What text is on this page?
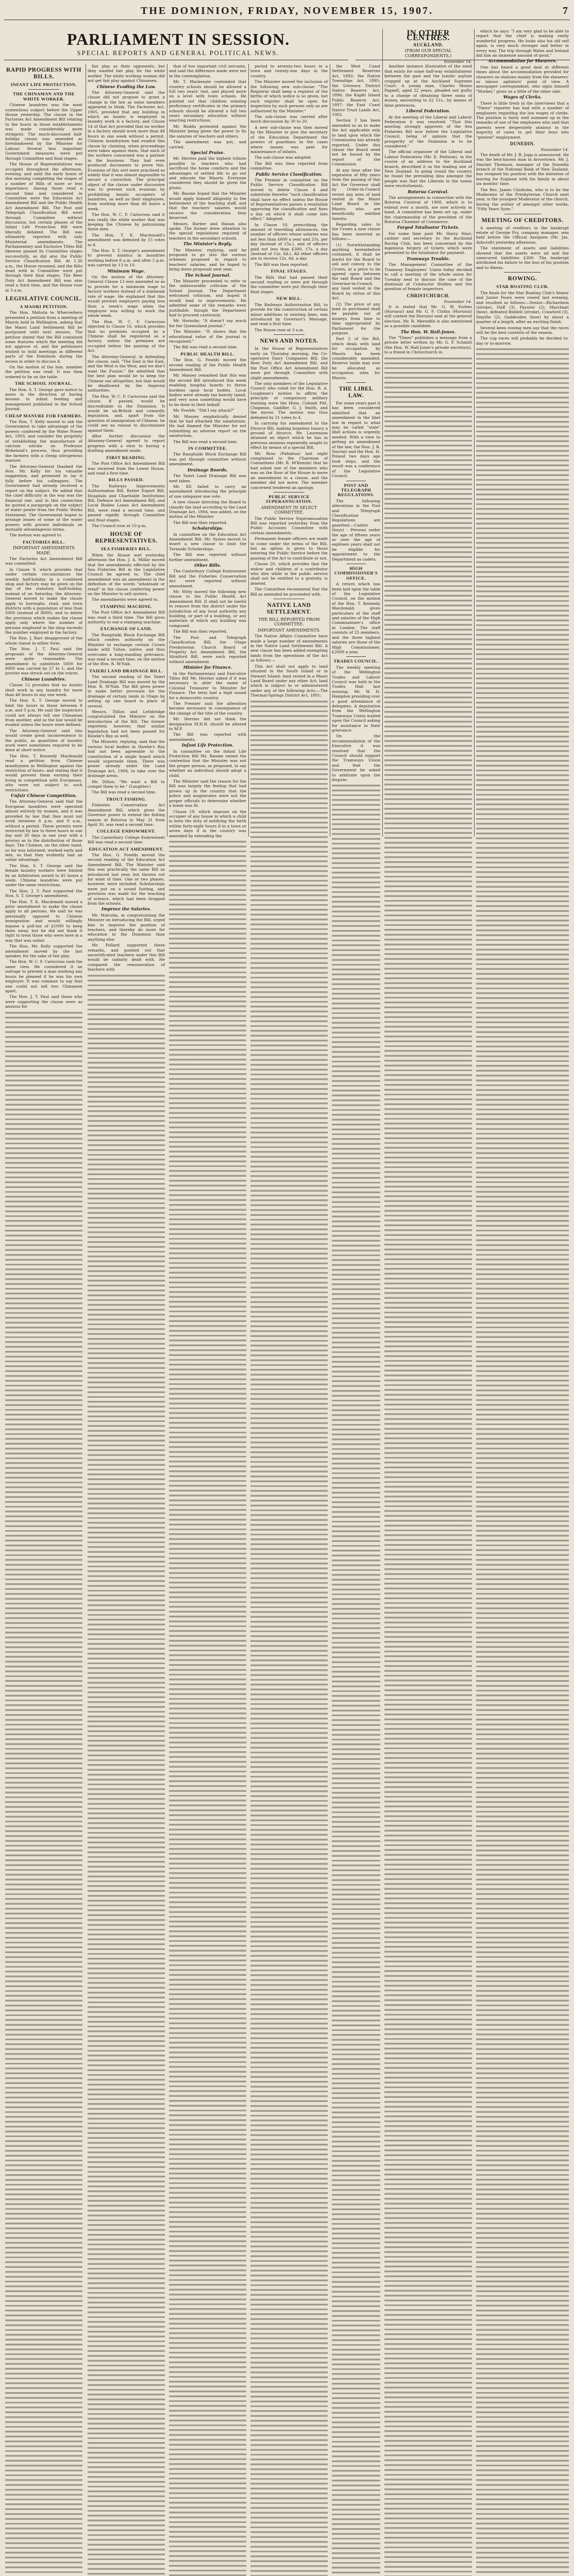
THE DOMINION, FRIDAY, NOVEMBER 15, 1907.	7
PARLIAMENT IN SESSION.
SPECIAL REPORTS AND GENERAL POLITICAL NEWS.
RAPID PROGRESS WITH BILLS.
INFANT LIFE PROTECTION.
THE CHINAMAN AND THE WHITE WORKER.

Chinese laundries was the most contentious subject before the Upper House yesterday. The clause in the Factories Act Amendment Bill relating to the hours in those establishments was made considerably more stringent. The much-discussed half-holiday clause was amended as foreshadowed by the Minister for Labour. Several less important Government measures were put through Committee and final stages.

The House of Representatives was occupied throughout the afternoon, evening, and until the early hours of this morning completing the stages of a number of Bills of more or less importance. Among those read a second time and considered in Committee were the Education Act Amendment Bill and the Public Health Act Amendment Bill. The Post and Telegraph Classification Bill went through Committee without discussion; but certain phases of the Infant Life Protection Bill were liberally debated. The Bill was ultimately reported with only Ministerial amendments. The Parliamentary and Exclusive Titles Bill likewise passed its Committee stages successfully, as did also the Public Service Classification Bill. At 1.30 a.m., the House resumed, and the Bills dealt with in Committee were put through their final stages. The Beer Duty Act Amendment Bill was also read a third time, and the House rose at 3 a.m.

LEGISLATIVE COUNCIL.
A MAORI PETITION.

The Hon. Mahuta te Wherowhero presented a petition from a meeting of Maoris held in Wellington, asking that the Maori Land Settlement Bill be postponed until next session. The petition stated that the Bill contained some features which the meeting did not approve of, and the petitioners wished to hold meetings in different parts of the Dominion during the recess in order to discuss it.

On the motion of the hon. member the petition was read. It was then ordered to lie on the table.

THE SCHOOL JOURNAL.

The Hon. S. T. George gave notice to move in the direction of having lessons in infant feeding and management published in the School Journal.

CHEAP MANURE FOR FARMERS.

The Hon. T. Kelly moved to ask the Government to take advantage of the powers conferred by the Water Power Act, 1903, and consider the propriety of establishing the manufacture of calcium nitrate on Professor Birkeland's process, thus providing the farmers with a cheap nitrogenous manure.

The Attorney-General thanked the Hon. Mr. Kelly for his valuable suggestion, and promised to lay it fully before his colleagues. The Government had already received a report on the subject. He added that the chief difficulty in the way was the financial one, and in this connection he quoted a paragraph on the subject of water power from the Public Works Statement. The Government hoped to arrange leases of some of the water powers with private individuals on mutually advantageous terms.

The motion was agreed to.

FACTORIES BILL.
IMPORTANT AMENDMENTS MADE.

The Factories Act Amendment Bill was committed.

In Clause 9, which provides that under certain circumstances the weekly half-holiday in a combined shop and factory may be given on the day of the statutory half-holiday, instead of on Saturday, the Attorney-General moved to make the clause apply to boroughs, road, and town districts with a population of less than 5000 (instead of 8000), and to delete the provision which makes the clause apply only where the number of persons employed in the shop exceeds the number employed in the factory.

The Hon. J. Barr disapproved of the whole clause in either form.

The Hon. J. T. Paul said the proposals of the Attorney-General were quite reasonable. The amendment to substitute 5000 for 8000 was carried by 27 to 1, and the proviso was struck out on the voices.

Chinese Laundries.

Clause 12 provides that no Asiatic shall work in any laundry for more than 48 hours in any one week.

The Hon. S. T. George moved to limit the hours in those between 8 a.m. and 5 p.m. He said the inspectors could not always tell one Chinaman from another, and so the law would be evaded unless the hours were defined.

The Attorney-General said this would create great inconvenience to the public, as quantities of laundry work were sometimes required to be done at short notice.

The Hon. T. Kennedy Macdonald read a petition from Chinese laundrymen in Wellington against the restriction of hours, and stating that it would prevent them earning their living in competition with Europeans, who were not subject to such restrictions.

Unfair Chinese Competition.

The Attorney-General said that the European laundries were operated almost entirely by women, and it was provided by law that they must not work between 6 p.m. and 8 a.m., without a permit. These permits were restricted by law to three hours in one day and 30 days in one year with a proviso as to the distribution of those days. The Chinese, on the other hand, so far was informed, worked early and late, so that they evidently had an unfair advantage.

The Hon. S. T. George said the female laundry workers were limited by an Arbitration award to 45 hours a week. Chinese laundries were put under the same restrictions.

The Hon. J. T. Paul supported the Hon. S. T. George's amendment.

The Hon. T. K. Macdonald moved a prior amendment to make the clause apply to all persons. He said he was personally opposed to Chinese immigration and would willingly impose a poll-tax of £1000 to keep them away, but he did not think it right to treat those who were here in a way that was unfair.

The Hon. Mr. Kelly supported the amendment moved by the last speaker, for the sake of fair play.

The Hon. W. C. F. Carncross took the same view. He considered it an outrage to prevent a man working any hours he pleased if he was his own employer. It was common to say that one could not tell two Chinamen apart.

The Hon. J. T. Paul said those who were supporting the clause were as anxious for

fair play as their opponents, but they wanted fair play for the white worker. The white working woman did not get fair play against Chinamen.

Chinese Evading the Law.

The Attorney-General said the clause did not propose to grant a change in the law as some members appeared to think. The Factories Act, 1905, provided that any building in which an Asiatic is employed in laundry work is a factory, and Clause 14 of that Act provided that no worker in a factory should work more than 48 hours in one week without a permit. Chinese laundrymen had evaded this clause by claiming, when proceedings were taken against them, that each of the workers concerned was a partner in the business. They had even produced documents to prove this. Evasions of this sort were practised so widely that it was almost impossible to secure a conviction. The principal object of the clause under discussion was to prevent such evasions by prohibiting Asiatic occupiers of laundries, as well as their employees, from working more than 48 hours a week.

The Hon. W. C. F. Carncross said it was really the white worker that was keeping the Chinese by patronising these men.

The Hon. T. K. Macdonald's amendment was defeated by 15 votes to 8.

The Hon. S. T. George's amendment to prevent Asiatics in laundries working before 8 a.m. and after 5 p.m. was carried by 13 to 10.

Minimum Wage.

On the motion of the Attorney-General Clause 13 was amended so as to provide for a minimum wage to factory workers instead of a minimum rate of wage. He explained that this would prevent employers paying less than a week's wage when the employee was willing to work the whole week.

The Hon. W. C. F. Carncross objected to Clause 16, which provides that no premises occupied by a Chinese shall be registered as a factory, unless the premises are occupied before the passing of the Act.

The Attorney-General, in defending the clause, said, "The East is the East, and the West is the West, and we don't want the Fusion." He admitted that the best plan would be to keep the Chinese out altogether, but that would be disallowed by the Imperial authorities.

The Hon. W. C. F. Carncross said the clause, if passed, would be discreditable to the Dominion. It would be un-British and cowardly legislation, and, apart from the question of immigration of Chinese, he could see no reason to discriminate against them.

After further discussion the Attorney-General agreed to report progress with a view to having a drafting amendment made.

FIRST READING.

The Post Office Act Amendment Bill was received from the Lower House, and read a first time.

BILLS PASSED.

The Railways Improvements Authorisation Bill, Butter Export Bill, Hospitals and Charitable Institutions Bill, Defence Act Amendment Bill, and Local Bodies Loans Act Amendment Bill, were read a second time, and passed rapidly through Committee and final stages.

The Council rose at 10 p.m.

HOUSE OF REPRESENTATIVES.
SEA FISHERIES BILL.

When the House met yesterday afternoon the Hon. J. A. Millar moved that the amendments effected by the Sea Fisheries Bill in the Legislative Council be agreed to. The chief amendment was an amendment in the definition of the words "wholesale or retail" in the clause conferring power on the Minister to sell oysters.

The amendments were agreed to.

STAMPING MACHINE.

The Post Office Act Amendment Bill was read a third time. The Bill gives authority to use a stamping machine.

EXCHANGE OF LAND.

The Rangitaiki Block Exchange Bill which confers authority on the Minister to exchange certain Crown lands with Tuhoe, native, and thus overcome a long-standing grievance, was read a second time, on the motion of the Hon. R. M'Nab.

TAIERI LAND DRAINAGE BILL.

The second reading of the Taieri Land Drainage Bill was moved by the Hon. R. M'Nab. The Bill gives power to make better provision for the drainage of certain lands in Otago by setting up one board in place of several.

Messrs. Dillon and Lethbridge congratulated the Minister on the introduction of the Bill. The former regretted, however, that similar legislation had not been passed for Hawke's Bay as well.

The Minister, replying, said that the various local bodies in Hawke's Bay had not been agreeable to the constitution of a single board which would supersede them. There was power already under the Land Drainage Act, 1904, to take over the drainage areas.

Mr. Dillon: "We want a Bill to compel them to be." (Laughter.)

The Bill was read a second time.

TROUT FISHING.

Fisheries Conservation Act Amendment Bill, which gives the Governor power to extend the fishing season at Rotorua to May 31 from April 30, was read a second time.

COLLEGE ENDOWMENT.

The Canterbury College Endowment Bill was read a second time.

EDUCATION ACT AMENDMENT.

The Hon. G. Fowlds moved the second reading of the Education Act Amendment Bill. The Minister said this was practically the same Bill as introduced last year, but thrown out for want of time. One or two phases, however, were included. Scholarships were put on a sound footing, and provision was made for the teaching of science, which had been dropped from the schools.

Improve the Salaries.

Mr. Malcolm, in congratulating the Minister on introducing the Bill, urged him to improve the position of teachers, and thereby do more for education in the Dominion than anything else.

Mr. Pollard supported these remarks, and pointed out that uncertificated teachers under this Bill would be unfairly dealt with. He compared the remuneration of teachers with

that of low important civil servants, and said the difference made were not in the contemplation.

Mr. T. Mackenzie contended that country schools should be allowed a full two years' test, and placed more on a level with town schools. He pointed out that children winning proficiency certificates in the primary schools should be allowed a full two years secondary education without exacting restrictions.

Mr. Buddo protested against the Minister being given the power to fix the salaries of teachers and others.

The amendment was put, and carried.

Special Praise.

Mr. Herries paid the highest tribute possible to teachers who had sacrificed the home comforts and the advantages of settled life to go out and educate the Maoris. Everyone considered they should be given the plums.

Mr. Baume hoped that the Minister would apply himself diligently to the betterment of the teaching staff, and that the teachers' salaries would receive the consideration they deserved.

Messrs. Barber and Hanan also spoke. The former drew attention to the special regulations required of teachers in the secondary schools.

The Minister's Reply.

The Minister, replying, said he proposed to go into the various schemes proposed in regard to teachers' salaries, and he hoped to bring down proposals next year.

The School Journal.

The Minister proceeded to refer to the unfavourable criticism of the School Journal. The Department welcomed criticism, and hoped it would lead to improvements. He admitted some of the remarks were justifiable, though the Department had to proceed cautiously.

Mr. Hornsby: "It doesn't say much for the Queensland journal."

The Minister: "It shows that the educational value of the journal is recognised."

The Bill was read a second time.

PUBLIC HEALTH BILL.

The Hon. G. Fowlds moved the second reading of the Public Health Amendment Bill.

Mr. Massey remarked that this was the second Bill introduced this week enabling hospital boards to throw burdens upon local bodies. Local bodies were already too heavily taxed, and very soon something would have to be done in their behalf.

Mr. Fowlds: "Did I say attack?"

Mr. Massey emphatically denied that he had attacked the sanatorium. He had blamed the Minister for not submitting an adverse report on the sanatorium.

The Bill was read a second time.

IN COMMITTEE.

The Rangitaiki Block Exchange Bill was put through committee without amendment.

Drainage Boards.

The Taieri Land Drainage Bill was next taken.

Mr. Ell failed to carry an amendment introducing the principle of one ratepayer one vote.

A new clause directing the Board to classify the land according to the Land Drainage Act, 1904, was added, on the motion of the Minister.

The Bill was then reported.

Scholarships.

In committee on the Education Act Amendment Bill, Mr. Symes moved to insert a new clause to limit the Taranaki Scholarships.

The Bill was reported without further amendment.

Other Bills.

The Canterbury College Endowment Bill and the Fisheries Conservation Act were reported without amendment.

Mr. Witty moved the following new clause to the Public Health Act Amendment Bill. It shall not be lawful to remove from the district under the jurisdiction of any local authority any building, or part of a building, or any materials of which any building was composed.

The Bill was then reported.

The Post and Telegraph Classification Bill, the Otago Presbyterian Church Board of Property Act Amendment Bill, the Stratford Bill, were each reported without amendment.

Minister for Finance.

In the Parliamentary and Executive Titles Bill Mr. Herries asked if it was necessary to alter the name of Colonial Treasurer to Minister for Finance. The term had a high sound for a democratic country.

The Premier said the alteration became necessary in consequence of the change of the title of the country.

Mr. Herries did not think the designation M.H.R. should be altered to M.P.

The Bill was reported with amendments.

Infant Life Protection.

In committee on the Infant Life Protection Bill Mr. Baume raised the contention that the Minister was not the proper person, as proposed, to say whether an individual should adopt a child.

The Minister said the reason for the Bill was largely the feeling that had grown up in the country that the police and magistrates were not the proper officials to determine whether a home was fit.

Clause 19, which imposes on the occupier of any house in which a child is born the duty of notifying the birth within forty-eight hours if in a town or seven days if in the country was amended by extending the

period to seventy-two hours in a town and twenty-one days in the country.

The Minister moved the inclusion of the following new sub-clause: "The Registrar shall keep a register of the births of which notice is so given, but such register shall be open for inspection by such persons only as are authorised by the Minister."

The sub-clause was carried after much discussion by 30 to 20.

A new sub-clause was then moved by the Minister to give the secretary of the Education Department the powers of guardians in the cases where money was paid for maintenance of infants.

The sub-clause was adopted.

The Bill was then reported from committee.

Public Service Classification.

The Premier in committee on the Public Service Classification Bill moved to delete Clause 4 and substitute therefor "such classification shall have no effect unless the House of Representatives passes a resolution approving the classification and fixes a day on which it shall come into effect." Adopted.

In Clause 10, prescribing the amount of travelling allowances, the number of officers whose salaries was not less than £600 a year and 25s. per day (instead of 15s.), and of officers paid not less than £300, 17s. a day (instead of 12s. 6d.). All other officers are to receive 12s. 6d. a day.

The Bill was then reported.

FINAL STAGES.

The Bills that had passed their second reading or were put through the committee were put through their final stages.

NEW BILL.

The Railways Authorisation Bill, to provide for the construction of certain minor additions to existing lines, was introduced by Governor's Message, and read a first time.

The House rose at 3 a.m.

NEWS AND NOTES.

In the House of Representatives early on Thursday morning, the Co-operative Dairy Companies Bill, the Beer Duty Act Amendment Bill, and the Post Office Act Amendment Bill were put through Committee with slight amendments.

The only members of the Legislative Council who voted for the Hon. R. A. Loughnan's motion to affirm the principle of compulsory military training were the Hons. Colonel Pitt, Chapman, Gaddler, G. J. Smith, and the mover. The motion was thus defeated by 21 votes to 4.

In carrying his amendment to the Divorce Bill, making hopeless lunacy a ground of divorce, Mr. Laurenson attained an object which he has in previous sessions repeatedly sought to effect by means of a special Bill.

Mr. Ross (Pahiatua) last night complained to the Chairman of Committees (Mr. R. M'Kenzie) that he had asked one of the members who was on the floor of the House to move an amendment to a clause, and the member did not move. The member concerned tendered an apology.

PUBLIC SERVICE SUPERANNUATION.
AMENDMENT IN SELECT COMMITTEE.

The Public Service Superannuation Bill was reported yesterday from the Public Accounts Committee with certain amendments.

Permanent female officers are made to come under the terms of the Bill, but an option is given to those entering the Public Service before the passing of the Act to contribute or not.

Clause 20, which provides that the widow and children of a contributor who dies while in the public service shall not be entitled to a gratuity, is deleted.

The Committee recommend that the Bill as amended be proceeded with.

NATIVE LAND SETTLEMENT.
THE BILL REPORTED FROM COMMITTEE.
IMPORTANT AMENDMENTS.

The Native Affairs Committee have made a large number of amendments in the Native Land Settlement Bill. A new clause has been added exempting lands from the operations of the Act as follows:—

This Act shall not apply to land situated in the South Island or in Stewart Island; land vested in a Maori Land Board under any other Act; land which is subject to or administered under any of the following Acts:—The Thermal-Springs District Act, 1881;

the West Coast Settlement Reserves Act, 1892; the Native Townships Act, 1895; the Urewera District Native Reserve Act, 1896; the Kapiti Island Public Reserve Act, 1897; the East Coast Native Trust Lands Act, 1902.

Section 3 has been amended so as to make the Act applicable only to land upon which the Commission has already reported. Under this clause the Board need not be bound by the report of the Commission.

At any time after the expiration of fifty years from the passing of this Act the Governor shall by Order-in-Council revest any area of land vested in the Maori Land Board in the Maoris who are beneficially entitled thereto.

Regarding sales to the Crown a new clause has been inserted as follows:—

(1) Notwithstanding anything hereinbefore contained, it shall be lawful for the Board to sell and convey to the Crown, at a price to be agreed upon between the said Board and the Governor-in-Council, any land vested in the Board by virtue of this Act.

(2) The price of any land so purchased shall be payable out of moneys from time to time appropriated by Parliament for the purpose.

Part 2 of the Bill, which deals with land for occupation by Maoris has been considerably amended. Reserve lands may now be allocated as occupation sites for Maoris.

THE LIBEL LAW.

For some years past it has been considered admitted that an amendment in the libel law in regard to what may be called "stale" libel actions is urgently needed. With a view to getting an amendment of the law, the Hon. J. R. Sinclair and the Hon. H. Poland two days ago took steps, and the result was a conference of the Legislative Council.

POST AND TELEGRAPH REGULATIONS.

The following alterations in the Post and Telegraph Classification Regulations are gazetted:—Cadets (boys) - Persons under the age of fifteen years or over the age of eighteen years shall not be eligible for appointment to the Department as cadets.

HIGH COMMISSIONER'S OFFICE.

A return which has been laid upon the table of the Legislative Council, on the motion of the Hon. T. Kennedy Macdonald, gives particulars of the staff and salaries of the High Commissioner's office in London. The staff consists of 25 members, and the three highest salaries are those of the High Commissioner, £2000 a year.

TRADES COUNCIL.

The weekly meeting of the Wellington Trades and Labour Council was held in the Trades Hall last evening, Mr. W. H. Hampton presiding over a good attendance of delegates. A deputation from the Wellington Tramways Union waited upon the Council asking for assistance in their grievance.

On the recommendation of the Executive it was resolved that the Council should support the Tramways Union and that the Government be asked to arbitrate upon the dispute.

IN OTHER CENTRES.
AUCKLAND.
(FROM OUR SPECIAL CORRESPONDENTS.)
November 14.

Another instance illustrative of the need that exists for some half-way establishment between the gaol and the lunatic asylum cropped up at the Auckland Supreme Court. A young man, Charles Moses Pagnell, aged 22 years, pleaded not guilty to a charge of obtaining three sums of money, amounting to £2 11s., by means of false pretences.

Liberal Federation.

At the meeting of the Liberal and Labour Federation it was resolved: "That this meeting strongly approves of the Sea Fisheries Bill now before the Legislative Council, being of opinion that the prosperity of the Dominion is to be considered."

The official organiser of the Liberal and Labour Federation (Mr. E. Pattison), in the course of an address to the Auckland branch, described it as the leading one of New Zealand. In going round the country he found the prevailing idea amongst the people was that the Liberals in the towns were revolutionists.

Rotorua Carnival.

The arrangements in connection with the Rotorua Carnival of 1908, which is to extend over a month, are now actively in hand. A committee has been set up, under the chairmanship of the president of the Rotorua Chamber of Commerce.

Forged Totalisator Tickets.

For some time past Mr. Harry Hayr, cashier and secretary to the Auckland Racing Club, has been concerned by the ingenious forgery of tickets which were presented to the totalisator for payment.

Tramways Trouble.

The Management Committee of the Tramway Employees' Union today decided to call a meeting of the whole union for Tuesday next to discuss the case of the dismissal of Conductor Holden and the question of female inspectors.

CHRISTCHURCH.
November 14.

It is stated that Mr. G. W. Forbes (Hurunui) and Mr. G. F. Clutha (Hurunui) will contest the Hurunui seat at the general election. Mr. R. Meredith is also mentioned as a possible candidate.

The Hon. W. Hall-Jones.

The "Times" publishes a message from a private letter written by Mr. G. F. Schmitt (the Hon. W. Hall-Jones's private secretary), to a friend in Christchurch in

which he says: "I am very glad to be able to report that the chief is making really wonderful progress. He looks also his old self again, is very much stronger and better in every way. The trip through Wales and Ireland did him an immense amount of good."

Accommodation for Shearers.

One has heard a good deal at different times about the accommodation provided for shearers on stations mainly from the shearers' or labour agitators' point of view. A newspaper correspondent, who signs himself "Worker," gives us a little of the other side.

Wages of Clerks.

There is little fresh in the interviews that a "Times" reporter has had with a number of employers regarding the low wages of clerks. The position is fairly well summed up in the remarks of one of the employers who said that parents were desperately anxious in the majority of cases to get their boys into "genteel" employment.

DUNEDIN.
November 14.

The death of Mr. J. R. Jopp is announced. He was the best-known man in Arrowtown. Mr. J. Sinclair Thomson, manager of the Dunedin branch of the National Bank of New Zealand, has resigned his position with the intention of leaving for England with his family in about six months' time.

The Rev. James Chisholm, who is to be the Moderator of the Presbyterian Church next year, is the youngest Moderator of the church, having the author of amongst other works, "Fifty Years Syne."

MEETING OF CREDITORS.

A meeting of creditors in the bankrupt estate of George Pry, company manager, was held before the Official Assignee (Mr. Jas. Ashcroft) yesterday afternoon.

The statement of assets and liabilities showed that the assets were nil and the unsecured liabilities £306. The bankrupt attributed his failure to the loss of his position and to illness.

ROWING.
STAR BOATING CLUB.

The finals for the Star Boating Club's Senior and Junior Fours were rowed last evening, and resulted as follows:—Senior—Richardson (stroke), Duff (3), Paynter (2), Marchant (bow), defeated Riddell (stroke), Crawford (3), Smythe (2), Gaddesden (bow) by about a quarter of a length, after an exciting finish.

Several keen rowing men say that the races will be the best contests of the season.

The cup races will probably be decided to-day or to-morrow.
